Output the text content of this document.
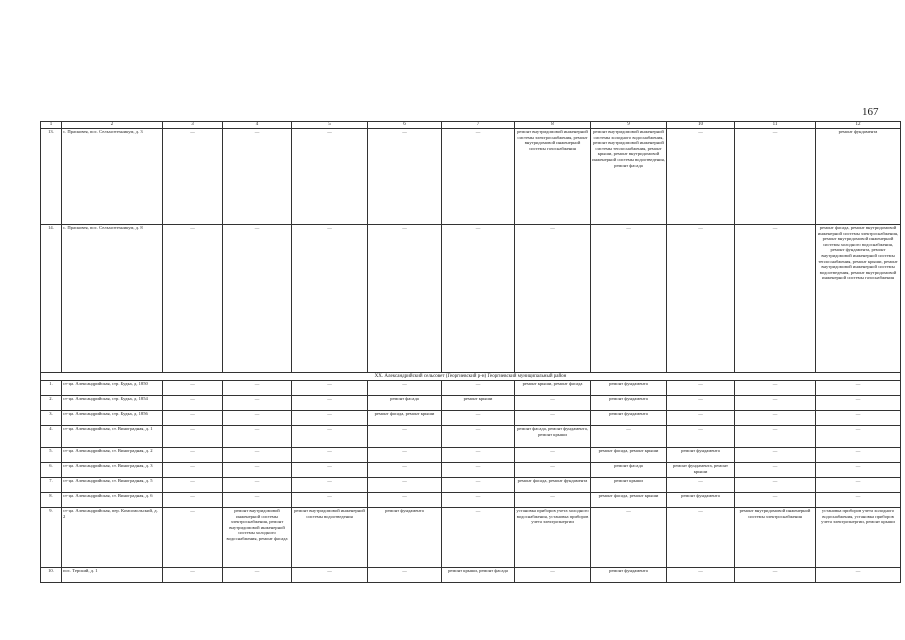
167
1	2	3	4	5	6	7	8	9	10	11	12
13.	с. Прасковея, пос. Сельхозтехникум, д. 3	—	—	—	—	—	ремонт внутридомовой инженерной системы электроснабжения, ремонт внутридомовой инженерной системы газоснабжения	ремонт внутридомовой инженерной системы холодного водоснабжения, ремонт внутридомовой инженерной системы теплоснабжения, ремонт крыши, ремонт внутридомовой инженерной системы водоотведения, ремонт фасада	—	—	ремонт фундамента
14.	с. Прасковея, пос. Сельхозтехникум, д. 8	—	—	—	—	—	—	—	—	—	ремонт фасада, ремонт внутридомовой инженерной системы электроснабжения, ремонт внутридомовой инженерной системы холодного водоснабжения, ремонт фундамента, ремонт внутридомовой инженерной системы теплоснабжения, ремонт крыши, ремонт внутридомовой инженерной системы водоотведения, ремонт внутридомовой инженерной системы газоснабжения
XX. Александрийский сельсовет (Георгиевский р-н) Георгиевский муниципальный район											
1.	ст-ца. Александрийская, стр. Будка, д. 1850	—	—	—	—	—	ремонт крыши, ремонт фасада	ремонт фундамента	—	—	—
2.	ст-ца. Александрийская, стр. Будка, д. 1854	—	—	—	ремонт фасада	ремонт крыши	—	ремонт фундамента	—	—	—
3.	ст-ца. Александрийская, стр. Будка, д. 1856	—	—	—	ремонт фасада, ремонт крыши	—	—	ремонт фундамента	—	—	—
4.	ст-ца. Александрийская, ст. Виноградная, д. 1	—	—	—	—	—	ремонт фасада, ремонт фундамента, ремонт крыши	—	—	—	—
5.	ст-ца. Александрийская, ст. Виноградная, д. 2	—	—	—	—	—	—	ремонт фасада, ремонт крыши	ремонт фундамента	—	—
6.	ст-ца. Александрийская, ст. Виноградная, д. 3	—	—	—	—	—	—	ремонт фасада	ремонт фундамента, ремонт крыши	—	—
7.	ст-ца. Александрийская, ст. Виноградная, д. 5	—	—	—	—	—	ремонт фасада, ремонт фундамента	ремонт крыши	—	—	—
8.	ст-ца. Александрийская, ст. Виноградная, д. 6	—	—	—	—	—	—	ремонт фасада, ремонт крыши	ремонт фундамента	—	—
9.	ст-ца. Александрийская, пер. Комсомольский, д. 2	—	ремонт внутридомовой инженерной системы электроснабжения, ремонт внутридомовой инженерной системы холодного водоснабжения, ремонт фасада	ремонт внутридомовой инженерной системы водоотведения	ремонт фундамента	—	установка приборов учета холодного водоснабжения, установка приборов учета электроэнергии	—	—	ремонт внутридомовой инженерной системы электроснабжения	установка приборов учета холодного водоснабжения, установка приборов учета электроэнергии, ремонт крыши
10.	пос. Терский, д. 1	—	—	—	—	ремонт крыши, ремонт фасада	—	ремонт фундамента	—	—	—
